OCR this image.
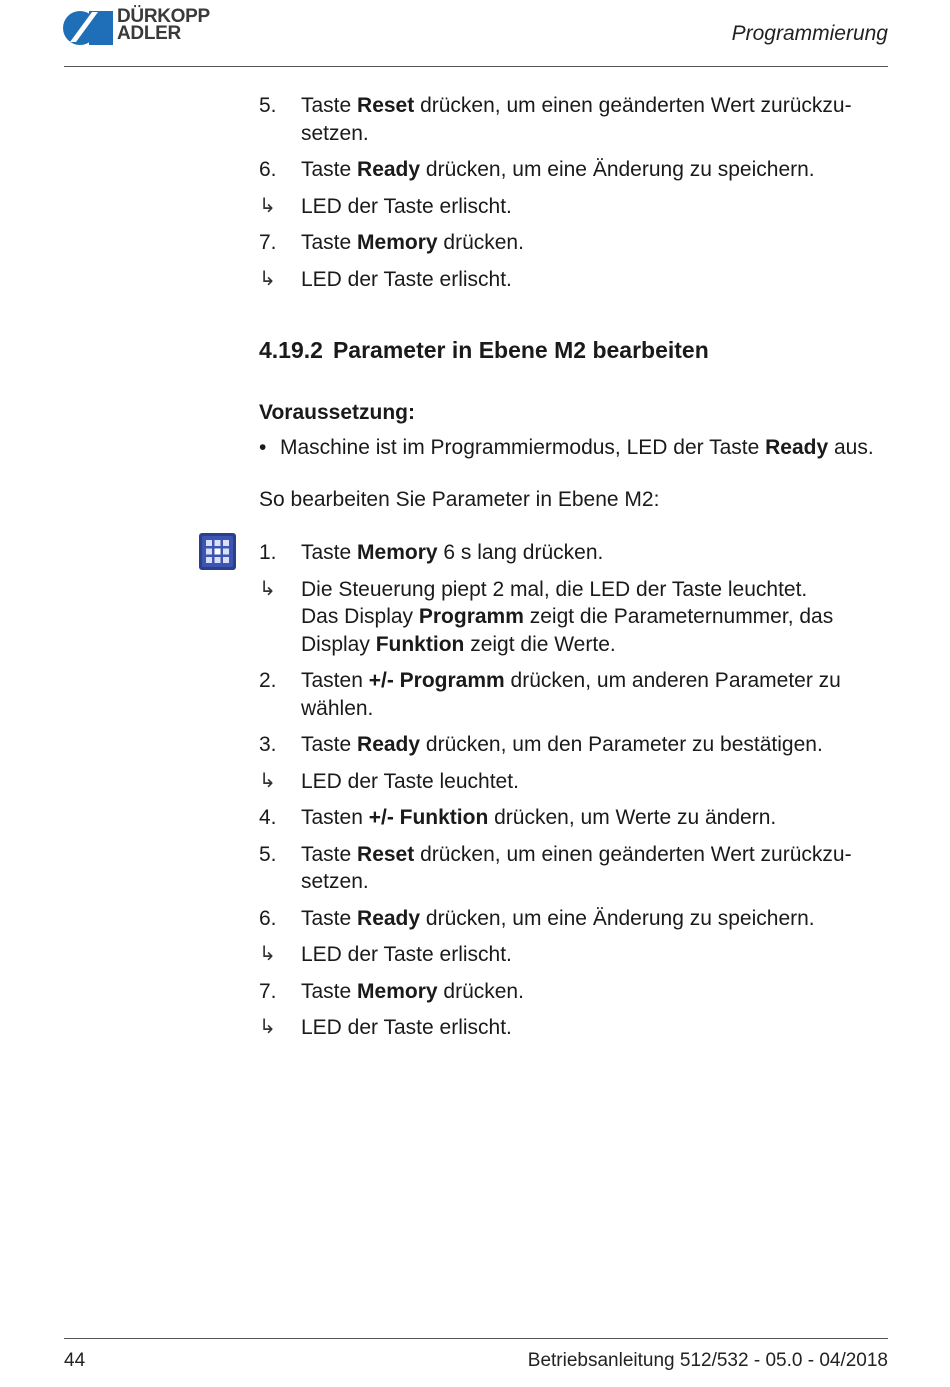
DÜRKOPP
ADLER	Programmierung
5.	Taste Reset drücken, um einen geänderten Wert zurückzu-
setzen.
6.	Taste Ready drücken, um eine Änderung zu speichern.
↳	LED der Taste erlischt.
7.	Taste Memory drücken.
↳	LED der Taste erlischt.
4.19.2 Parameter in Ebene M2 bearbeiten
Voraussetzung:
• Maschine ist im Programmiermodus, LED der Taste Ready aus.
So bearbeiten Sie Parameter in Ebene M2:
1.	Taste Memory 6 s lang drücken.
↳	Die Steuerung piept 2 mal, die LED der Taste leuchtet.
Das Display Programm zeigt die Parameternummer, das
Display Funktion zeigt die Werte.
2.	Tasten +/- Programm drücken, um anderen Parameter zu wählen.
3.	Taste Ready drücken, um den Parameter zu bestätigen.
↳	LED der Taste leuchtet.
4.	Tasten +/- Funktion drücken, um Werte zu ändern.
5.	Taste Reset drücken, um einen geänderten Wert zurückzu-
setzen.
6.	Taste Ready drücken, um eine Änderung zu speichern.
↳	LED der Taste erlischt.
7.	Taste Memory drücken.
↳	LED der Taste erlischt.
44	Betriebsanleitung 512/532 - 05.0 - 04/2018
